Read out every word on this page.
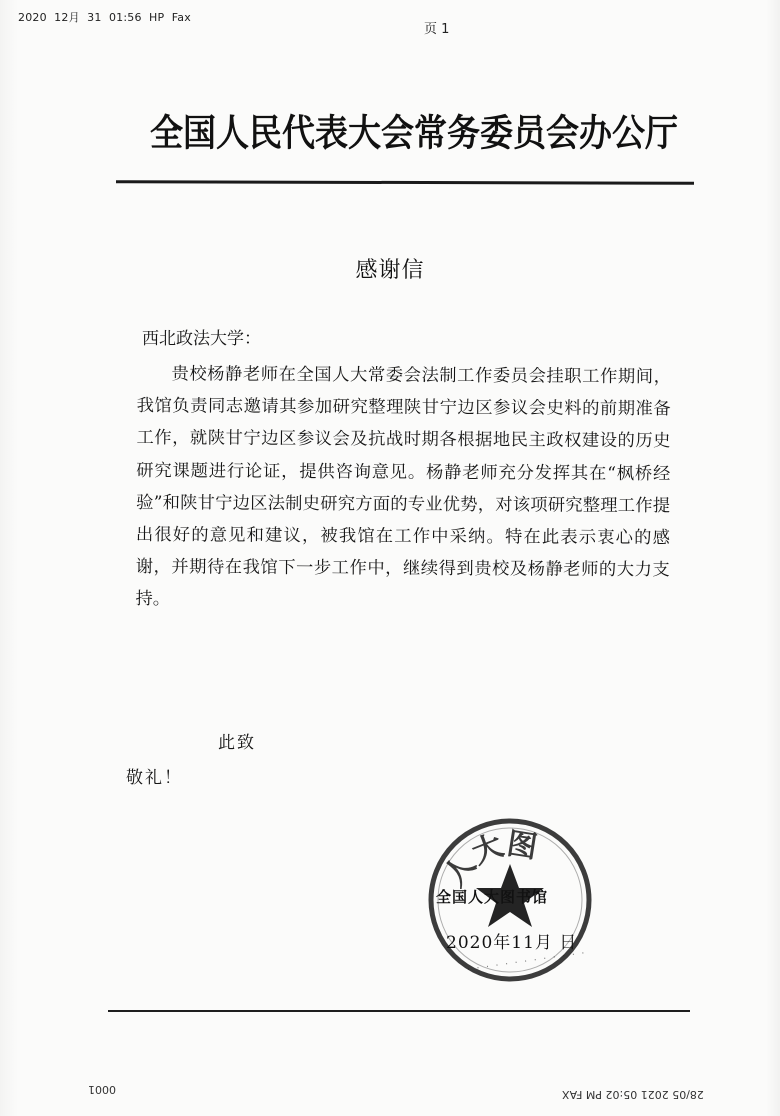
2020  12月  31  01:56  HP  Fax
页 1
全国人民代表大会常务委员会办公厅
感谢信
西北政法大学：
贵校杨静老师在全国人大常委会法制工作委员会挂职工作期间，我馆负责同志邀请其参加研究整理陕甘宁边区参议会史料的前期准备工作，就陕甘宁边区参议会及抗战时期各根据地民主政权建设的历史研究课题进行论证，提供咨询意见。杨静老师充分发挥其在“枫桥经验”和陕甘宁边区法制史研究方面的专业优势，对该项研究整理工作提出很好的意见和建议，被我馆在工作中采纳。特在此表示衷心的感谢，并期待在我馆下一步工作中，继续得到贵校及杨静老师的大力支持。
此致
敬礼！
人大图
· · · · · · · · · · · · ·
全国人大图书馆
2020年11月 日
0001	28/05 2021 05:02 PM FAX
